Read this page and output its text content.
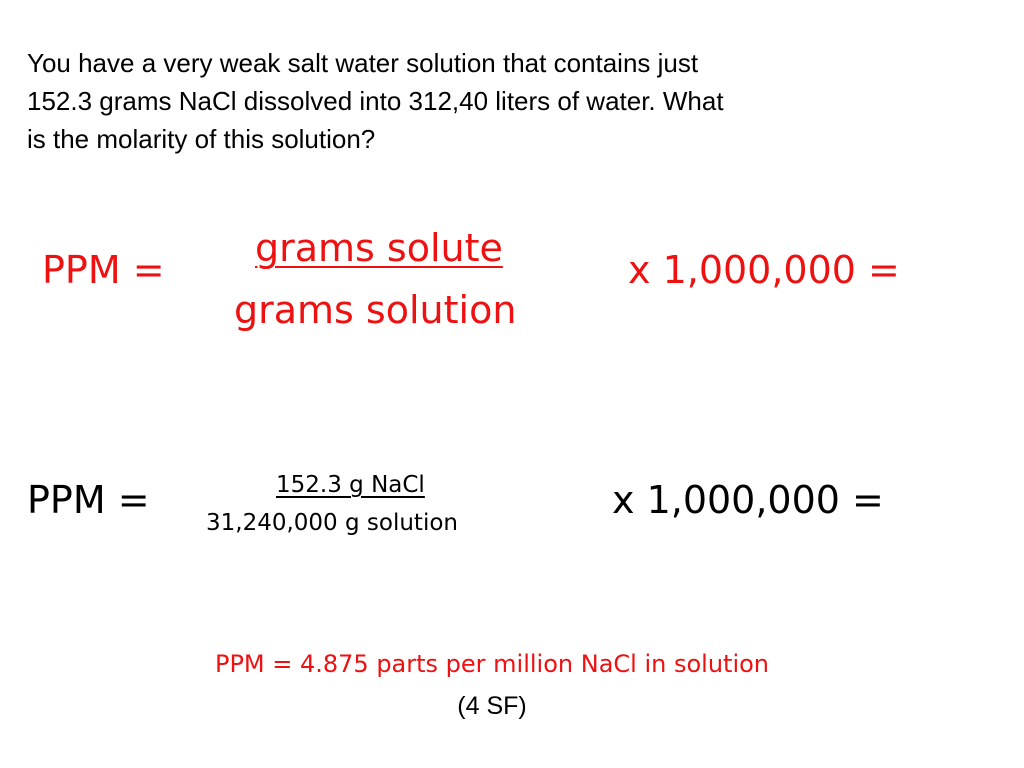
You have a very weak salt water solution that contains just
152.3 grams NaCl dissolved into 312,40 liters of water. What
is the molarity of this solution?
PPM = grams solute
grams solution
x 1,000,000 =
PPM =	152.3 g NaCl
31,240,000 g solution
x 1,000,000 =
PPM = 4.875 parts per million NaCl in solution
(4 SF)
